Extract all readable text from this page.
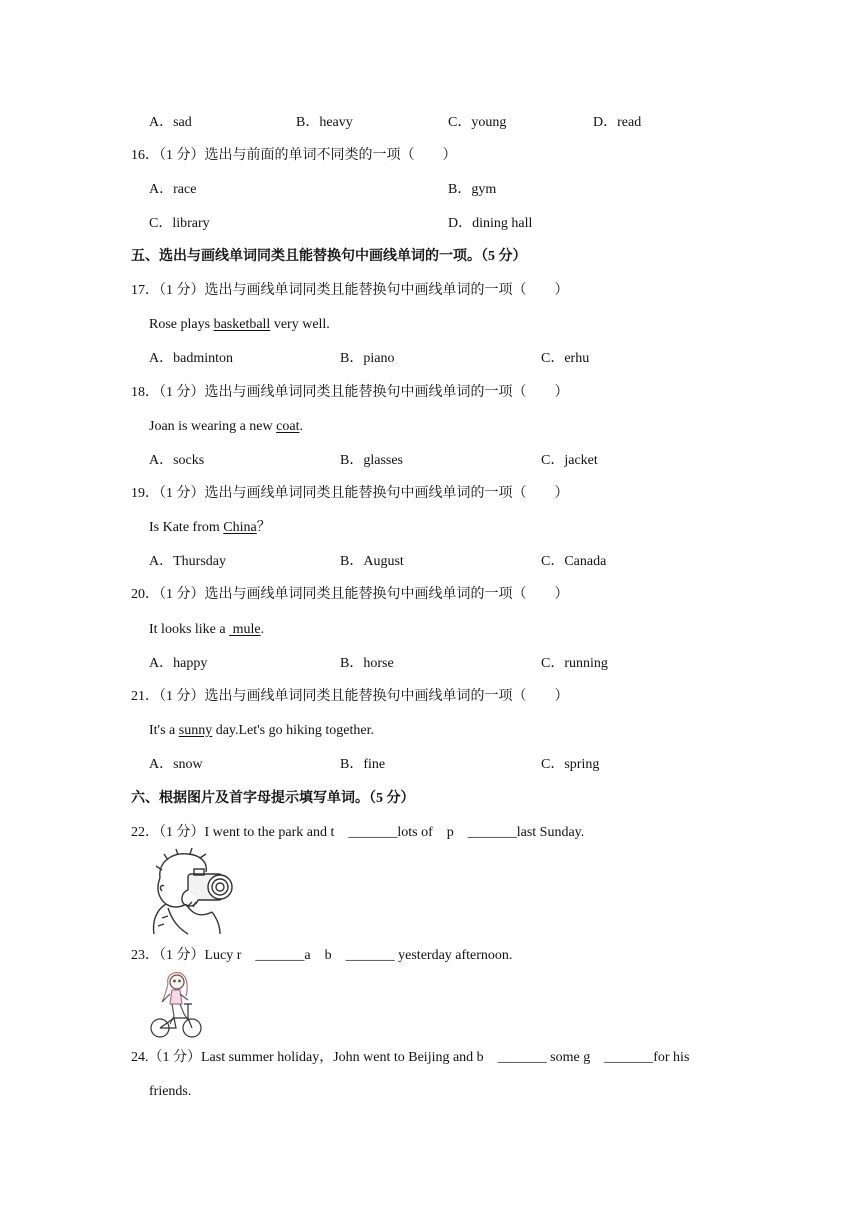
A．sad	B．heavy	C．young	D．read
16．（1 分）选出与前面的单词不同类的一项（　　）
A．race	B．gym
C．library	D．dining hall
五、选出与画线单词同类且能替换句中画线单词的一项。（5 分）
17．（1 分）选出与画线单词同类且能替换句中画线单词的一项（　　）
Rose plays basketball very well.
A．badminton	B．piano	C．erhu
18．（1 分）选出与画线单词同类且能替换句中画线单词的一项（　　）
Joan is wearing a new coat.
A．socks	B．glasses	C．jacket
19．（1 分）选出与画线单词同类且能替换句中画线单词的一项（　　）
Is Kate from China？
A．Thursday	B．August	C．Canada
20．（1 分）选出与画线单词同类且能替换句中画线单词的一项（　　）
It looks like a  mule.
A．happy	B．horse	C．running
21．（1 分）选出与画线单词同类且能替换句中画线单词的一项（　　）
It's a sunny day.Let's go hiking together.
A．snow	B．fine	C．spring
六、根据图片及首字母提示填写单词。（5 分）
22．（1 分）I went to the park and t　_______lots of　p　_______last Sunday.
23．（1 分）Lucy r　_______a　b　_______ yesterday afternoon.
24.（1 分）Last summer holiday，John went to Beijing and b　_______ some g　_______for his
friends.
